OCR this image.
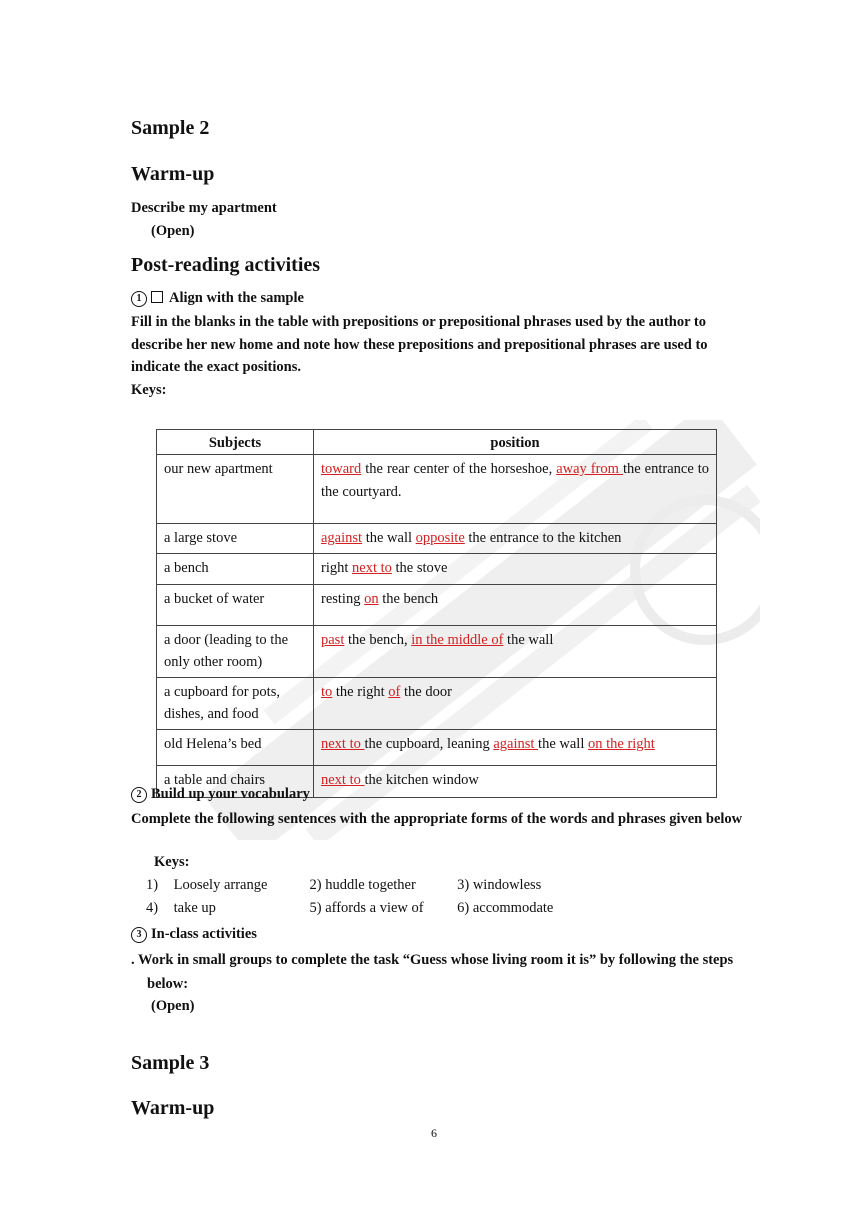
Sample 2
Warm-up
Describe my apartment
(Open)
Post-reading activities
1 Align with the sample
Fill in the blanks in the table with prepositions or prepositional phrases used by the author to describe her new home and note how these prepositions and prepositional phrases are used to indicate the exact positions.
Keys:
Subjects	position
our new apartment	toward the rear center of the horseshoe, away from the entrance to the courtyard.
a large stove	against the wall opposite the entrance to the kitchen
a bench	right next to the stove
a bucket of water	resting on the bench
a door (leading to the only other room)	past the bench, in the middle of the wall
a cupboard for pots, dishes, and food	to the right of the door
old Helena’s bed	next to the cupboard, leaning against the wall on the right
a table and chairs	next to the kitchen window
2 Build up your vocabulary
Complete the following sentences with the appropriate forms of the words and phrases given below
Keys:
1)	Loosely arrange	2) huddle together	3) windowless
4)	take up	5) affords a view of	6) accommodate
3 In-class activities
. Work in small groups to complete the task “Guess whose living room it is” by following the steps below:
(Open)
Sample 3
Warm-up
6
